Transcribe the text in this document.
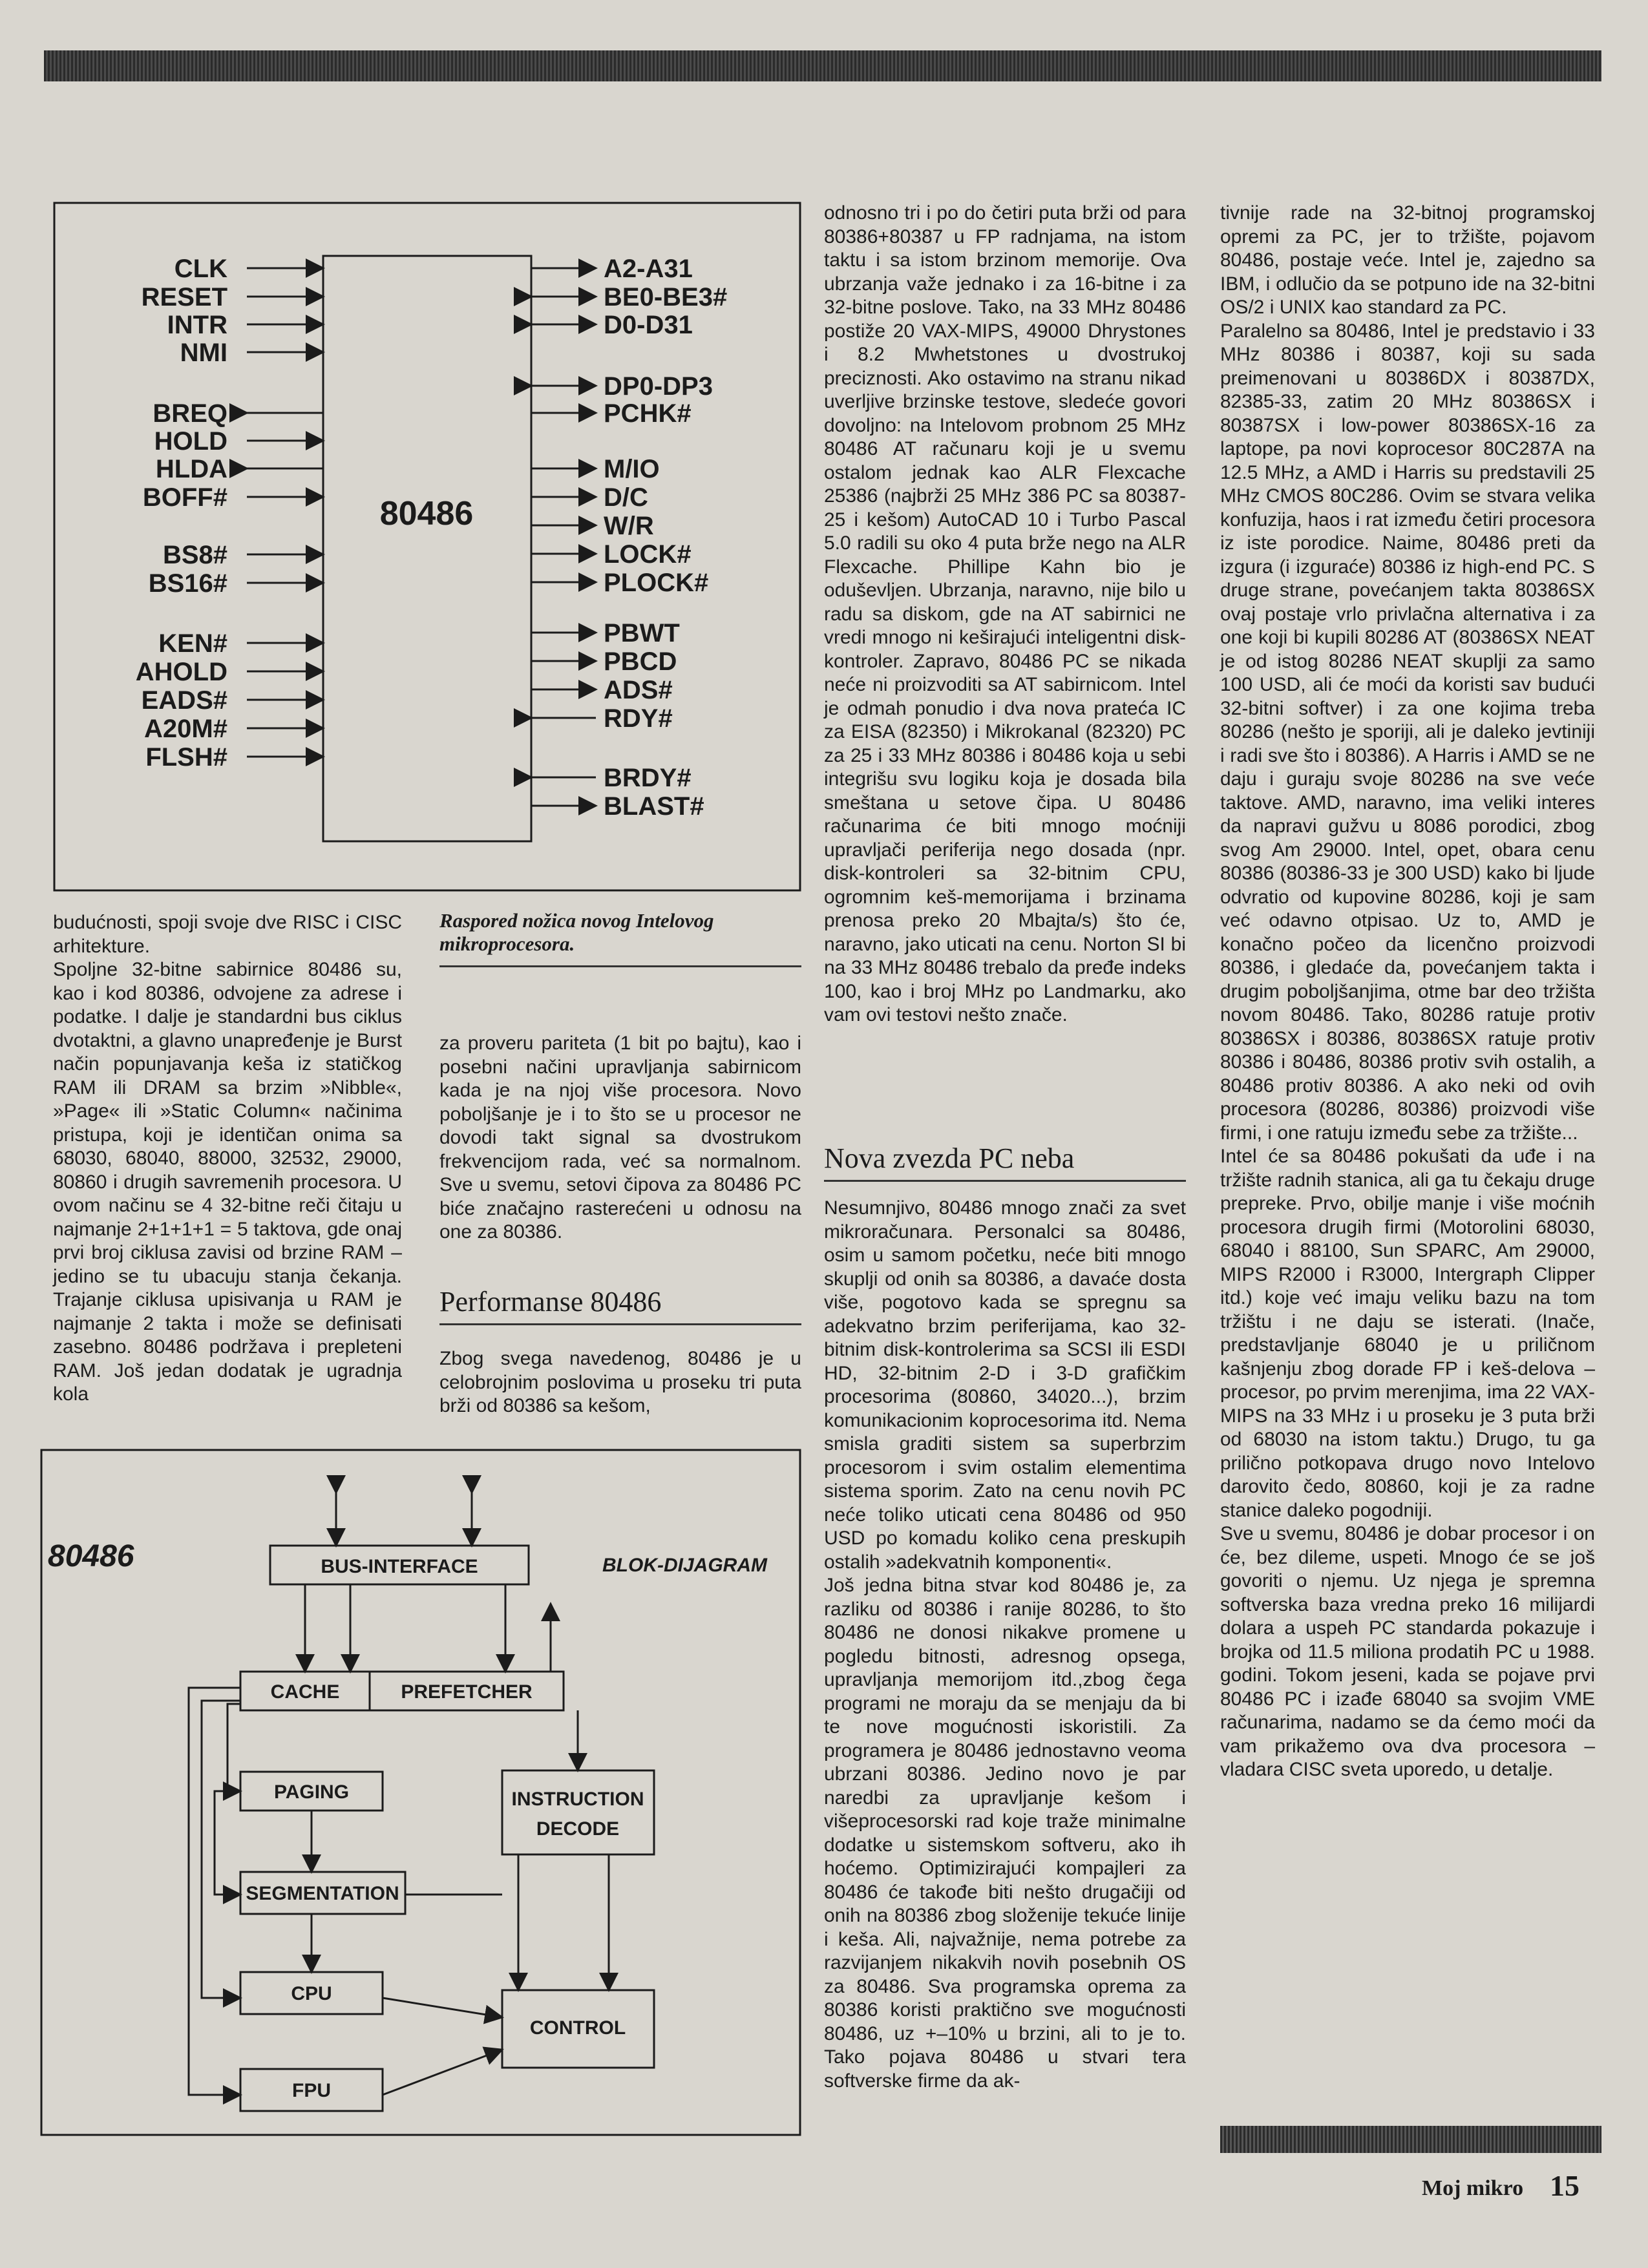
80486
CLK
RESET
INTR
NMI
BREQ
HOLD
HLDA
BOFF#
BS8#
BS16#
KEN#
AHOLD
EADS#
A20M#
FLSH#
A2-A31
BE0-BE3#
D0-D31
DP0-DP3
PCHK#
M/IO
D/C
W/R
LOCK#
PLOCK#
PBWT
PBCD
ADS#
RDY#
BRDY#
BLAST#
Raspored nožica novog Intelovog mikroprocesora.
80486	BLOK-DIJAGRAM
BUS-INTERFACE
CACHE	PREFETCHER
PAGING	INSTRUCTION
DECODE
SEGMENTATION
CPU
CONTROL
FPU
budućnosti, spoji svoje dve RISC i CISC arhitekture.
Spoljne 32-bitne sabirnice 80486 su, kao i kod 80386, odvojene za adrese i podatke. I dalje je standardni bus ciklus dvotaktni, a glavno unapređenje je Burst način popunjavanja keša iz statičkog RAM ili DRAM sa brzim »Nibble«, »Page« ili »Static Column« načinima pristupa, koji je identičan onima sa 68030, 68040, 88000, 32532, 29000, 80860 i drugih savremenih procesora. U ovom načinu se 4 32-bitne reči čitaju u najmanje 2+1+1+1 = 5 taktova, gde onaj prvi broj ciklusa zavisi od brzine RAM – jedino se tu ubacuju stanja čekanja. Trajanje ciklusa upisivanja u RAM je najmanje 2 takta i može se definisati zasebno. 80486 podržava i prepleteni RAM. Još jedan dodatak je ugradnja kola
za proveru pariteta (1 bit po bajtu), kao i posebni načini upravljanja sabirnicom kada je na njoj više procesora. Novo poboljšanje je i to što se u procesor ne dovodi takt signal sa dvostrukom frekvencijom rada, već sa normalnom. Sve u svemu, setovi čipova za 80486 PC biće značajno rasterećeni u odnosu na one za 80386.
Performanse 80486
Zbog svega navedenog, 80486 je u celobrojnim poslovima u proseku tri puta brži od 80386 sa kešom,
odnosno tri i po do četiri puta brži od para 80386+80387 u FP radnjama, na istom taktu i sa istom brzinom memorije. Ova ubrzanja važe jednako i za 16-bitne i za 32-bitne poslove. Tako, na 33 MHz 80486 postiže 20 VAX-MIPS, 49000 Dhrystones i 8.2 Mwhetstones u dvostrukoj preciznosti. Ako ostavimo na stranu nikad uverljive brzinske testove, sledeće govori dovoljno: na Intelovom probnom 25 MHz 80486 AT računaru koji je u svemu ostalom jednak kao ALR Flexcache 25386 (najbrži 25 MHz 386 PC sa 80387-25 i kešom) AutoCAD 10 i Turbo Pascal 5.0 radili su oko 4 puta brže nego na ALR Flexcache. Phillipe Kahn bio je oduševljen. Ubrzanja, naravno, nije bilo u radu sa diskom, gde na AT sabirnici ne vredi mnogo ni keširajući inteligentni disk-kontroler. Zapravo, 80486 PC se nikada neće ni proizvoditi sa AT sabirnicom. Intel je odmah ponudio i dva nova prateća IC za EISA (82350) i Mikrokanal (82320) PC za 25 i 33 MHz 80386 i 80486 koja u sebi integrišu svu logiku koja je dosada bila smeštana u setove čipa. U 80486 računarima će biti mnogo moćniji upravljači periferija nego dosada (npr. disk-kontroleri sa 32-bitnim CPU, ogromnim keš-memorijama i brzinama prenosa preko 20 Mbajta/s) što će, naravno, jako uticati na cenu. Norton SI bi na 33 MHz 80486 trebalo da pređe indeks 100, kao i broj MHz po Landmarku, ako vam ovi testovi nešto znače.
Nova zvezda PC neba
Nesumnjivo, 80486 mnogo znači za svet mikroračunara. Personalci sa 80486, osim u samom početku, neće biti mnogo skuplji od onih sa 80386, a davaće dosta više, pogotovo kada se spregnu sa adekvatno brzim periferijama, kao 32-bitnim disk-kontrolerima sa SCSI ili ESDI HD, 32-bitnim 2-D i 3-D grafičkim procesorima (80860, 34020...), brzim komunikacionim koprocesorima itd. Nema smisla graditi sistem sa superbrzim procesorom i svim ostalim elementima sistema sporim. Zato na cenu novih PC neće toliko uticati cena 80486 od 950 USD po komadu koliko cena preskupih ostalih »adekvatnih komponenti«.
Još jedna bitna stvar kod 80486 je, za razliku od 80386 i ranije 80286, to što 80486 ne donosi nikakve promene u pogledu bitnosti, adresnog opsega, upravljanja memorijom itd.,zbog čega programi ne moraju da se menjaju da bi te nove mogućnosti iskoristili. Za programera je 80486 jednostavno veoma ubrzani 80386. Jedino novo je par naredbi za upravljanje kešom i višeprocesorski rad koje traže minimalne dodatke u sistemskom softveru, ako ih hoćemo. Optimizirajući kompajleri za 80486 će takođe biti nešto drugačiji od onih na 80386 zbog složenije tekuće linije i keša. Ali, najvažnije, nema potrebe za razvijanjem nikakvih novih posebnih OS za 80486. Sva programska oprema za 80386 koristi praktično sve mogućnosti 80486, uz +–10% u brzini, ali to je to. Tako pojava 80486 u stvari tera softverske firme da ak-
tivnije rade na 32-bitnoj programskoj opremi za PC, jer to tržište, pojavom 80486, postaje veće. Intel je, zajedno sa IBM, i odlučio da se potpuno ide na 32-bitni OS/2 i UNIX kao standard za PC.
Paralelno sa 80486, Intel je predstavio i 33 MHz 80386 i 80387, koji su sada preimenovani u 80386DX i 80387DX, 82385-33, zatim 20 MHz 80386SX i 80387SX i low-power 80386SX-16 za laptope, pa novi koprocesor 80C287A na 12.5 MHz, a AMD i Harris su predstavili 25 MHz CMOS 80C286. Ovim se stvara velika konfuzija, haos i rat između četiri procesora iz iste porodice. Naime, 80486 preti da izgura (i izguraće) 80386 iz high-end PC. S druge strane, povećanjem takta 80386SX ovaj postaje vrlo privlačna alternativa i za one koji bi kupili 80286 AT (80386SX NEAT je od istog 80286 NEAT skuplji za samo 100 USD, ali će moći da koristi sav budući 32-bitni softver) i za one kojima treba 80286 (nešto je sporiji, ali je daleko jevtiniji i radi sve što i 80386). A Harris i AMD se ne daju i guraju svoje 80286 na sve veće taktove. AMD, naravno, ima veliki interes da napravi gužvu u 8086 porodici, zbog svog Am 29000. Intel, opet, obara cenu 80386 (80386-33 je 300 USD) kako bi ljude odvratio od kupovine 80286, koji je sam već odavno otpisao. Uz to, AMD je konačno počeo da licenčno proizvodi 80386, i gledaće da, povećanjem takta i drugim poboljšanjima, otme bar deo tržišta novom 80486. Tako, 80286 ratuje protiv 80386SX i 80386, 80386SX ratuje protiv 80386 i 80486, 80386 protiv svih ostalih, a 80486 protiv 80386. A ako neki od ovih procesora (80286, 80386) proizvodi više firmi, i one ratuju između sebe za tržište...
Intel će sa 80486 pokušati da uđe i na tržište radnih stanica, ali ga tu čekaju druge prepreke. Prvo, obilje manje i više moćnih procesora drugih firmi (Motorolini 68030, 68040 i 88100, Sun SPARC, Am 29000, MIPS R2000 i R3000, Intergraph Clipper itd.) koje već imaju veliku bazu na tom tržištu i ne daju se isterati. (Inače, predstavljanje 68040 je u priličnom kašnjenju zbog dorade FP i keš-delova – procesor, po prvim merenjima, ima 22 VAX-MIPS na 33 MHz i u proseku je 3 puta brži od 68030 na istom taktu.) Drugo, tu ga prilično potkopava drugo novo Intelovo darovito čedo, 80860, koji je za radne stanice daleko pogodniji.
Sve u svemu, 80486 je dobar procesor i on će, bez dileme, uspeti. Mnogo će se još govoriti o njemu. Uz njega je spremna softverska baza vredna preko 16 milijardi dolara a uspeh PC standarda pokazuje i brojka od 11.5 miliona prodatih PC u 1988. godini. Tokom jeseni, kada se pojave prvi 80486 PC i izađe 68040 sa svojim VME računarima, nadamo se da ćemo moći da vam prikažemo ova dva procesora – vladara CISC sveta uporedo, u detalje.
Moj mikro 15
